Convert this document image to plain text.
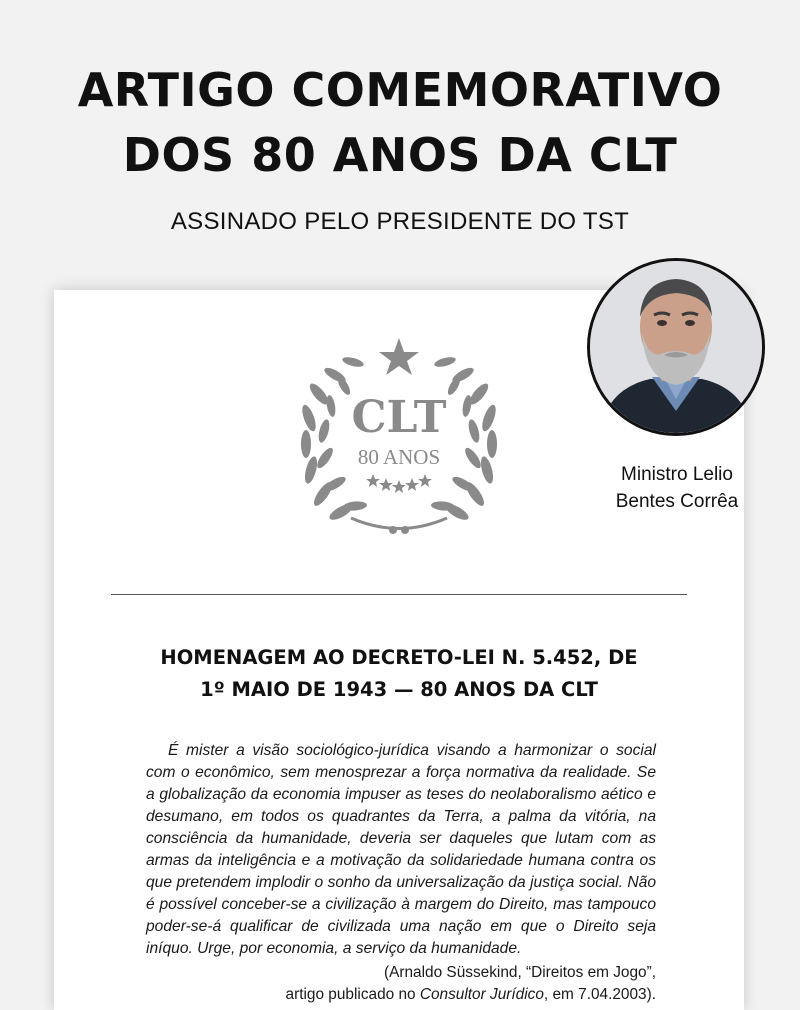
ARTIGO COMEMORATIVO
DOS 80 ANOS DA CLT

ASSINADO PELO PRESIDENTE DO TST

CLT
80 ANOS
HOMENAGEM AO DECRETO-LEI N. 5.452, DE
1º MAIO DE 1943 — 80 ANOS DA CLT

É mister a visão sociológico-jurídica visando a harmonizar o social com o econômico, sem menosprezar a força normativa da realidade. Se a globalização da economia impuser as teses do neolaboralismo aético e desumano, em todos os quadrantes da Terra, a palma da vitória, na consciência da humanidade, deveria ser daqueles que lutam com as armas da inteligência e a motivação da solidariedade humana contra os que pretendem implodir o sonho da universalização da justiça social. Não é possível conceber-se a civilização à margem do Direito, mas tampouco poder-se-á qualificar de civilizada uma nação em que o Direito seja iníquo. Urge, por economia, a serviço da humanidade.

(Arnaldo Süssekind, “Direitos em Jogo”,
artigo publicado no Consultor Jurídico, em 7.04.2003).

Ministro Lelio
Bentes Corrêa
